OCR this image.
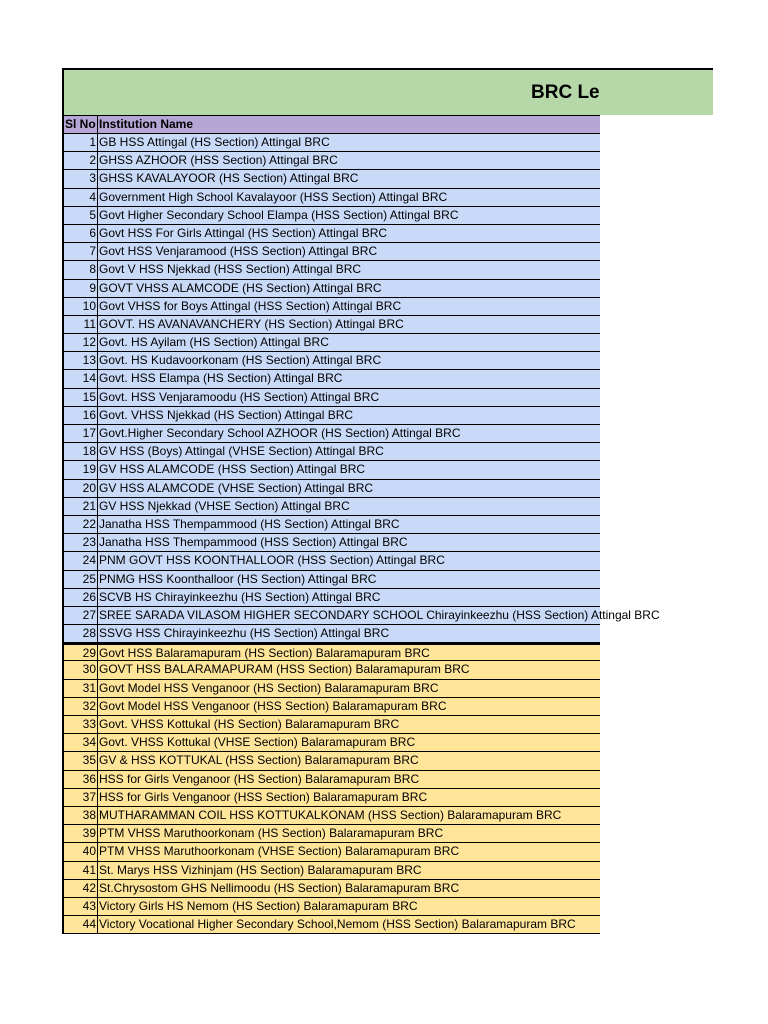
BRC Le
Sl No Institution Name
1 GB HSS Attingal (HS Section) Attingal BRC
2 GHSS AZHOOR (HSS Section) Attingal BRC
3 GHSS KAVALAYOOR (HS Section) Attingal BRC
4 Government High School Kavalayoor (HSS Section) Attingal BRC
5 Govt Higher Secondary School Elampa (HSS Section) Attingal BRC
6 Govt HSS For Girls Attingal (HS Section) Attingal BRC
7 Govt HSS Venjaramood (HSS Section) Attingal BRC
8 Govt V HSS Njekkad (HSS Section) Attingal BRC
9 GOVT VHSS ALAMCODE (HS Section) Attingal BRC
10 Govt VHSS for Boys Attingal (HSS Section) Attingal BRC
11 GOVT. HS AVANAVANCHERY (HS Section) Attingal BRC
12 Govt. HS Ayilam (HS Section) Attingal BRC
13 Govt. HS Kudavoorkonam (HS Section) Attingal BRC
14 Govt. HSS Elampa (HS Section) Attingal BRC
15 Govt. HSS Venjaramoodu (HS Section) Attingal BRC
16 Govt. VHSS Njekkad (HS Section) Attingal BRC
17 Govt.Higher Secondary School AZHOOR (HS Section) Attingal BRC
18 GV HSS (Boys) Attingal (VHSE Section) Attingal BRC
19 GV HSS ALAMCODE (HSS Section) Attingal BRC
20 GV HSS ALAMCODE (VHSE Section) Attingal BRC
21 GV HSS Njekkad (VHSE Section) Attingal BRC
22 Janatha HSS Thempammood (HS Section) Attingal BRC
23 Janatha HSS Thempammood (HSS Section) Attingal BRC
24 PNM GOVT HSS KOONTHALLOOR (HSS Section) Attingal BRC
25 PNMG HSS Koonthalloor (HS Section) Attingal BRC
26 SCVB HS Chirayinkeezhu (HS Section) Attingal BRC
27 SREE SARADA VILASOM HIGHER SECONDARY SCHOOL Chirayinkeezhu (HSS Section) Attingal BRC
28 SSVG HSS Chirayinkeezhu (HS Section) Attingal BRC
29 Govt HSS Balaramapuram (HS Section) Balaramapuram BRC
30 GOVT HSS BALARAMAPURAM (HSS Section) Balaramapuram BRC
31 Govt Model HSS Venganoor (HS Section) Balaramapuram BRC
32 Govt Model HSS Venganoor (HSS Section) Balaramapuram BRC
33 Govt. VHSS Kottukal (HS Section) Balaramapuram BRC
34 Govt. VHSS Kottukal (VHSE Section) Balaramapuram BRC
35 GV & HSS KOTTUKAL (HSS Section) Balaramapuram BRC
36 HSS for Girls Venganoor (HS Section) Balaramapuram BRC
37 HSS for Girls Venganoor (HSS Section) Balaramapuram BRC
38 MUTHARAMMAN COIL HSS KOTTUKALKONAM (HSS Section) Balaramapuram BRC
39 PTM VHSS Maruthoorkonam (HS Section) Balaramapuram BRC
40 PTM VHSS Maruthoorkonam (VHSE Section) Balaramapuram BRC
41 St. Marys HSS Vizhinjam (HS Section) Balaramapuram BRC
42 St.Chrysostom GHS Nellimoodu (HS Section) Balaramapuram BRC
43 Victory Girls HS Nemom (HS Section) Balaramapuram BRC
44 Victory Vocational Higher Secondary School,Nemom (HSS Section) Balaramapuram BRC
